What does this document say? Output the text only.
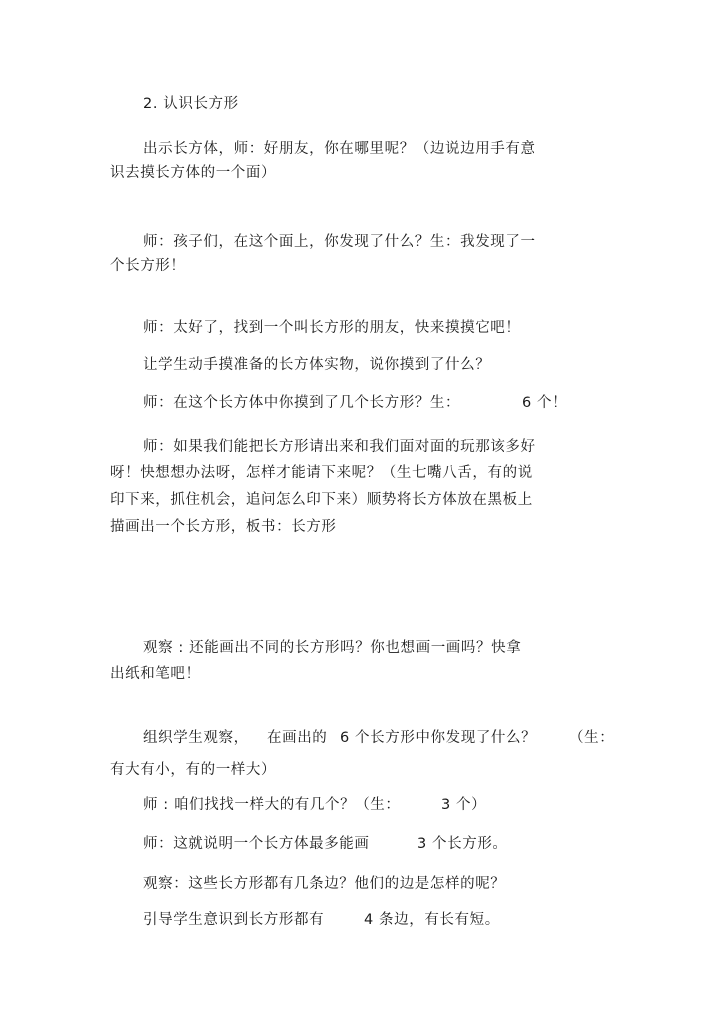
2. 认识长方形
出示长方体，师：好朋友，你在哪里呢？（边说边用手有意
识去摸长方体的一个面）
师：孩子们，在这个面上，你发现了什么？生：我发现了一
个长方形！
师：太好了，找到一个叫长方形的朋友，快来摸摸它吧！
让学生动手摸准备的长方体实物，说你摸到了什么？
师：在这个长方体中你摸到了几个长方形？生：	6 个！
师：如果我们能把长方形请出来和我们面对面的玩那该多好
呀！快想想办法呀，怎样才能请下来呢？（生七嘴八舌，有的说
印下来，抓住机会，追问怎么印下来）顺势将长方体放在黑板上
描画出一个长方形，板书：长方形
观察 : 还能画出不同的长方形吗？你也想画一画吗？快拿
出纸和笔吧！
组织学生观察， 在画出的 6 个长方形中你发现了什么？ （生：
有大有小，有的一样大）
师 : 咱们找找一样大的有几个？（生：	3 个）
师：这就说明一个长方体最多能画	3 个长方形。
观察：这些长方形都有几条边？他们的边是怎样的呢？
引导学生意识到长方形都有	4 条边，有长有短。
